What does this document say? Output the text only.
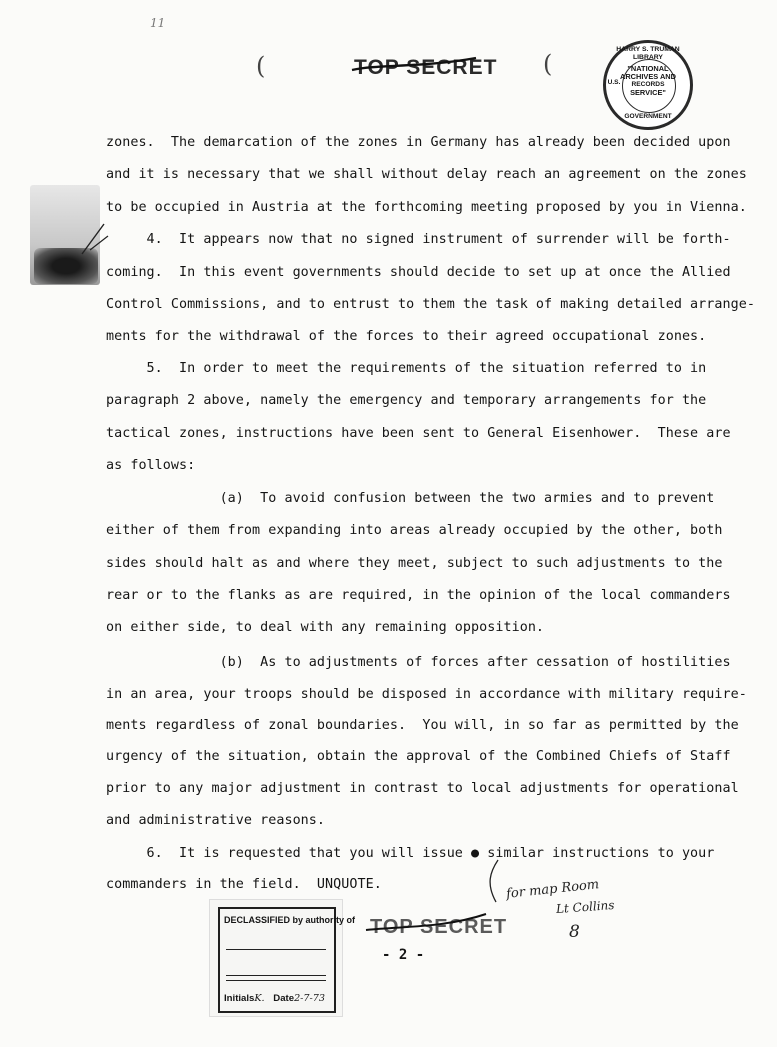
11
(	(
TOP SECRET
HARRY S. TRUMAN LIBRARY
"NATIONAL
ARCHIVES AND
RECORDS
SERVICE"
U.S.
GOVERNMENT
zones.  The demarcation of the zones in Germany has already been decided upon
and it is necessary that we shall without delay reach an agreement on the zones
to be occupied in Austria at the forthcoming meeting proposed by you in Vienna.
4.  It appears now that no signed instrument of surrender will be forth-
coming.  In this event governments should decide to set up at once the Allied
Control Commissions, and to entrust to them the task of making detailed arrange-
ments for the withdrawal of the forces to their agreed occupational zones.
5.  In order to meet the requirements of the situation referred to in
paragraph 2 above, namely the emergency and temporary arrangements for the
tactical zones, instructions have been sent to General Eisenhower.  These are
as follows:
(a)  To avoid confusion between the two armies and to prevent
either of them from expanding into areas already occupied by the other, both
sides should halt as and where they meet, subject to such adjustments to the
rear or to the flanks as are required, in the opinion of the local commanders
on either side, to deal with any remaining opposition.
(b)  As to adjustments of forces after cessation of hostilities
in an area, your troops should be disposed in accordance with military require-
ments regardless of zonal boundaries.  You will, in so far as permitted by the
urgency of the situation, obtain the approval of the Combined Chiefs of Staff
prior to any major adjustment in contrast to local adjustments for operational
and administrative reasons.
6.  It is requested that you will issue ● similar instructions to your
commanders in the field.  UNQUOTE.	for map Room
Lt Collins
8
TOP SECRET
- 2 -
DECLASSIFIED by authority of
InitialsK. Date2-7-73
